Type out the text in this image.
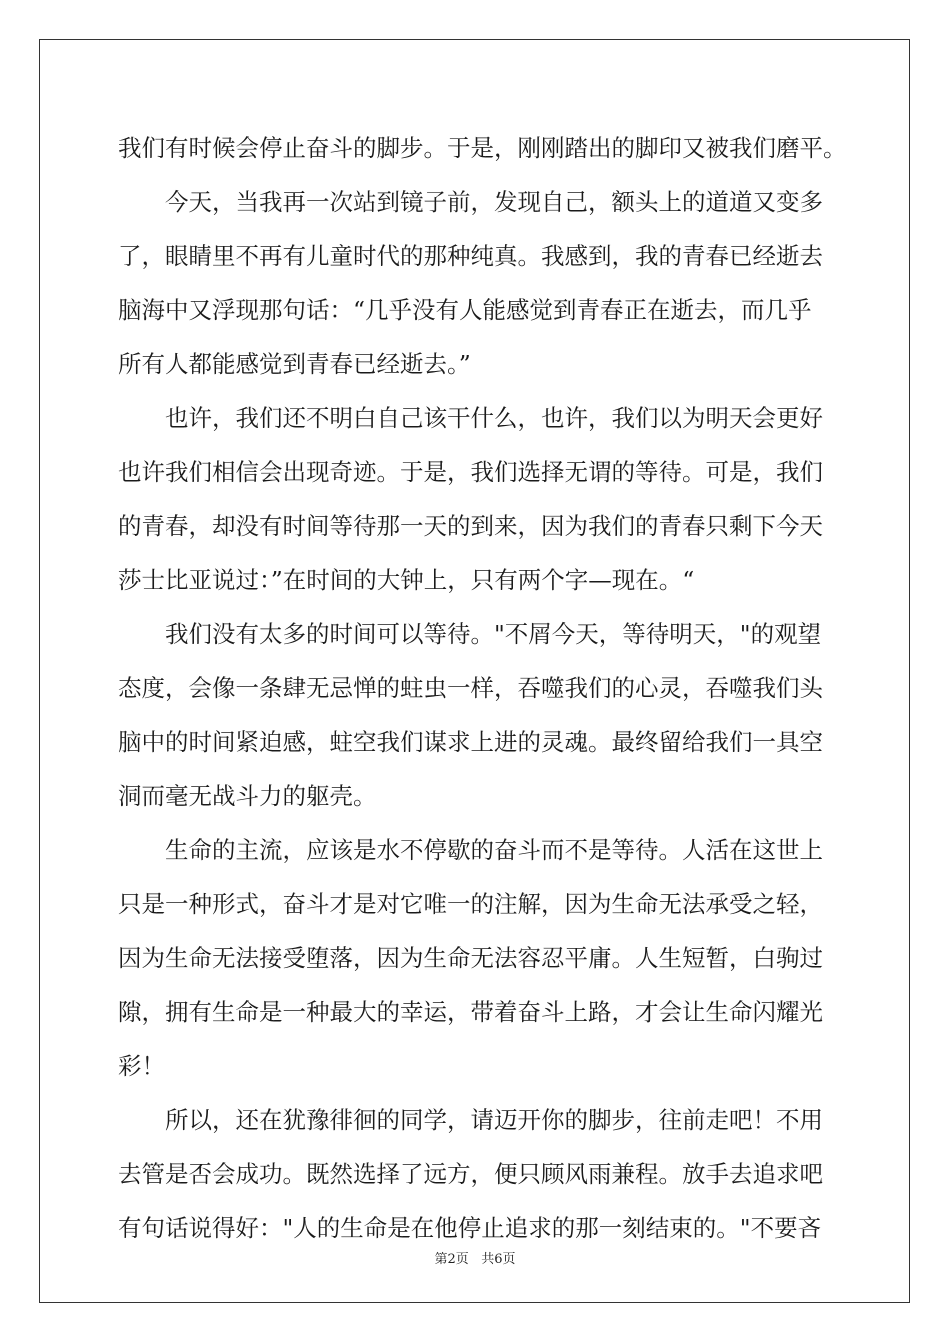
我们有时候会停止奋斗的脚步。于是，刚刚踏出的脚印又被我们磨平。
今天，当我再一次站到镜子前，发现自己，额头上的道道又变多
了，眼睛里不再有儿童时代的那种纯真。我感到，我的青春已经逝去
脑海中又浮现那句话：“几乎没有人能感觉到青春正在逝去，而几乎
所有人都能感觉到青春已经逝去。”
也许，我们还不明白自己该干什么，也许，我们以为明天会更好
也许我们相信会出现奇迹。于是，我们选择无谓的等待。可是，我们
的青春，却没有时间等待那一天的到来，因为我们的青春只剩下今天
莎士比亚说过：”在时间的大钟上，只有两个字—现在。“
我们没有太多的时间可以等待。"不屑今天，等待明天，"的观望
态度，会像一条肆无忌惮的蛀虫一样，吞噬我们的心灵，吞噬我们头
脑中的时间紧迫感，蛀空我们谋求上进的灵魂。最终留给我们一具空
洞而毫无战斗力的躯壳。
生命的主流，应该是水不停歇的奋斗而不是等待。人活在这世上
只是一种形式，奋斗才是对它唯一的注解，因为生命无法承受之轻，
因为生命无法接受堕落，因为生命无法容忍平庸。人生短暂，白驹过
隙，拥有生命是一种最大的幸运，带着奋斗上路，才会让生命闪耀光
彩！
所以，还在犹豫徘徊的同学，请迈开你的脚步，往前走吧！不用
去管是否会成功。既然选择了远方，便只顾风雨兼程。放手去追求吧
有句话说得好："人的生命是在他停止追求的那一刻结束的。"不要吝
第2页 共6页
